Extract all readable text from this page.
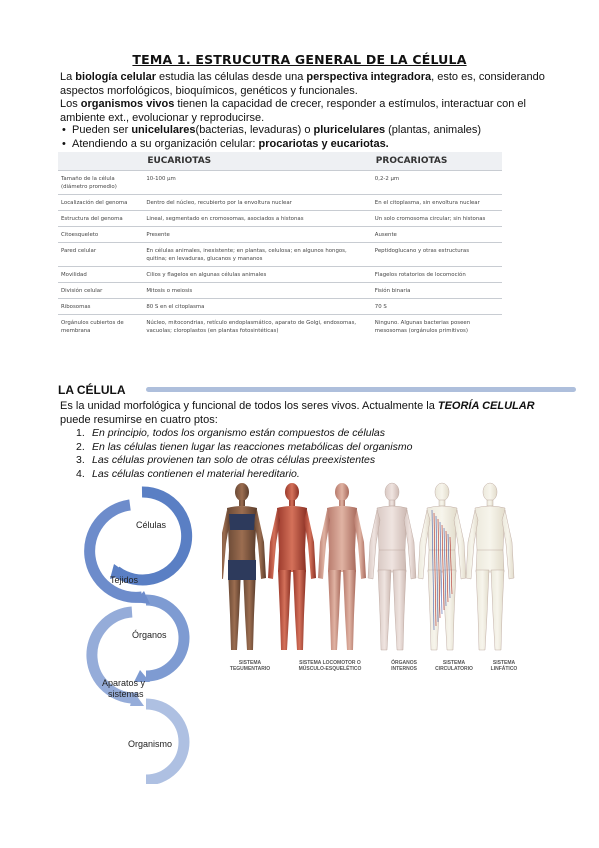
TEMA 1. ESTRUCUTRA GENERAL DE LA CÉLULA
La biología celular estudia las células desde una perspectiva integradora, esto es, considerando
aspectos morfológicos, bioquímicos, genéticos y funcionales.
Los organismos vivos tienen la capacidad de crecer, responder a estímulos, interactuar con el
ambiente ext., evolucionar y reproducirse.
• Pueden ser unicelulares(bacterias, levaduras) o pluricelulares (plantas, animales)
• Atendiendo a su organización celular: procariotas y eucariotas.
	EUCARIOTAS	PROCARIOTAS
Tamaño de la célula (diámetro promedio)	10-100 μm	0,2-2 μm
Localización del genoma	Dentro del núcleo, recubierto por la envoltura nuclear	En el citoplasma, sin envoltura nuclear
Estructura del genoma	Lineal, segmentado en cromosomas, asociados a histonas	Un solo cromosoma circular; sin histonas
Citoesqueleto	Presente	Ausente
Pared celular	En células animales, inexistente; en plantas, celulosa; en algunos hongos, quitina; en levaduras, glucanos y mananos	Peptidoglucano y otras estructuras
Movilidad	Cilios y flagelos en algunas células animales	Flagelos rotatorios de locomoción
División celular	Mitosis o meiosis	Fisión binaria
Ribosomas	80 S en el citoplasma	70 S
Orgánulos cubiertos de membrana	Núcleo, mitocondrias, retículo endoplasmático, aparato de Golgi, endosomas, vacuolas; cloroplastos (en plantas fotosintéticas)	Ninguno. Algunas bacterias poseen mesosomas (orgánulos primitivos)
LA CÉLULA
Es la unidad morfológica y funcional de todos los seres vivos. Actualmente la TEORÍA CELULAR
puede resumirse en cuatro ptos:
1. En principio, todos los organismo están compuestos de células
2. En las células tienen lugar las reacciones metabólicas del organismo
3. Las células provienen tan solo de otras células preexistentes
4. Las células contienen el material hereditario.
Células
Tejidos
Órganos
Aparatos y
sistemas
Organismo
SISTEMA
TEGUMENTARIO
SISTEMA LOCOMOTOR O
MÚSCULO-ESQUELÉTICO
ÓRGANOS
INTERNOS
SISTEMA
CIRCULATORIO
SISTEMA
LINFÁTICO
